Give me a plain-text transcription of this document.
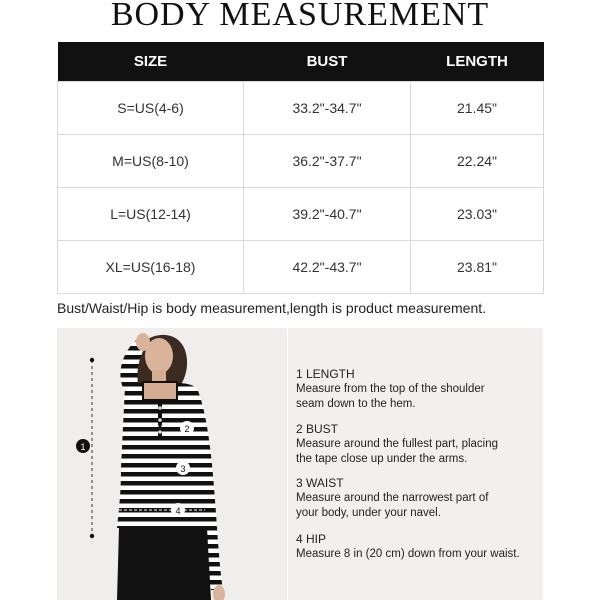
BODY MEASUREMENT
SIZE	BUST	LENGTH
S=US(4-6)	33.2"-34.7"	21.45"
M=US(8-10)	36.2"-37.7"	22.24"
L=US(12-14)	39.2"-40.7"	23.03"
XL=US(16-18)	42.2"-43.7"	23.81"
Bust/Waist/Hip is body measurement,length is product measurement.
1
2
3
4
1 LENGTH
Measure from the top of the shoulder
seam down to the hem.
2 BUST
Measure around the fullest part, placing
the tape close up under the arms.
3 WAIST
Measure around the narrowest part of
your body, under your navel.
4 HIP
Measure 8 in (20 cm) down from your waist.
